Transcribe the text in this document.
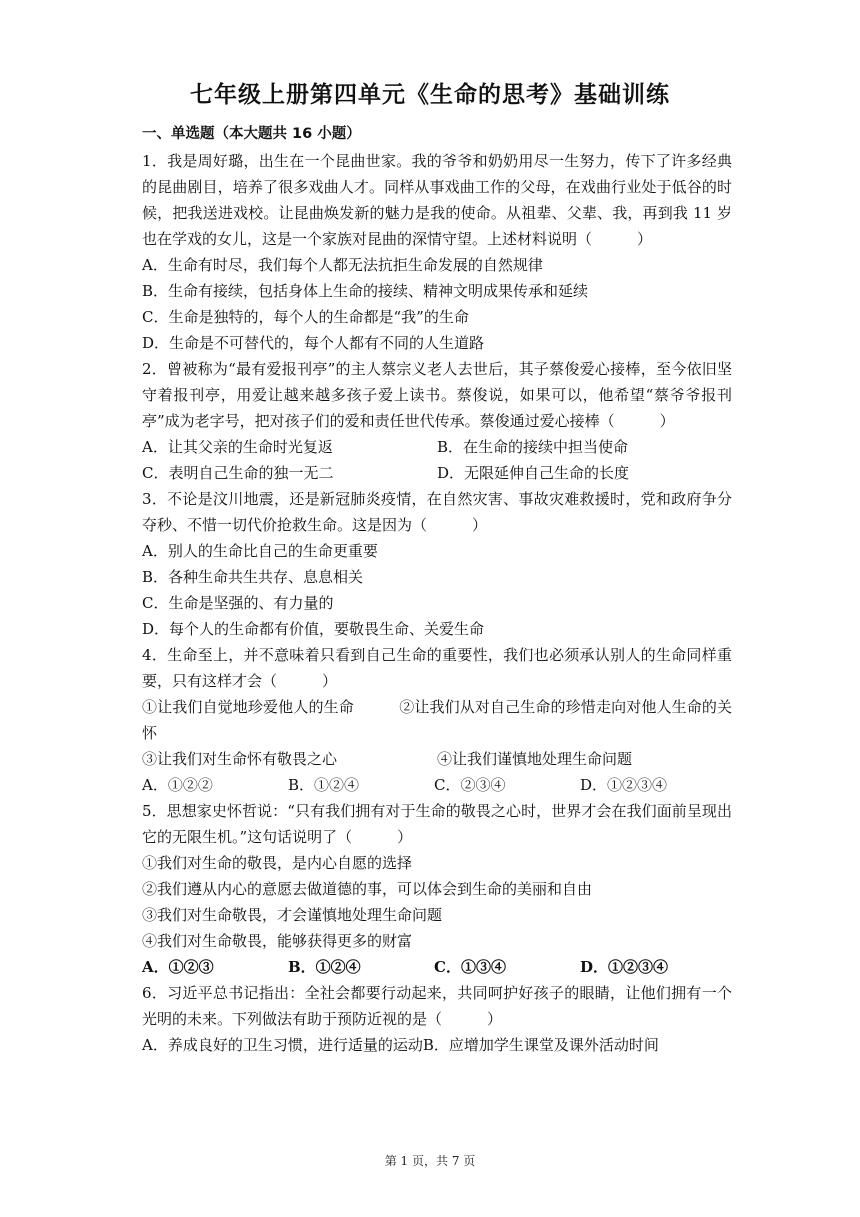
七年级上册第四单元《生命的思考》基础训练
一、单选题（本大题共 16 小题）

1．我是周好璐，出生在一个昆曲世家。我的爷爷和奶奶用尽一生努力，传下了许多经典的昆曲剧目，培养了很多戏曲人才。同样从事戏曲工作的父母，在戏曲行业处于低谷的时候，把我送进戏校。让昆曲焕发新的魅力是我的使命。从祖辈、父辈、我，再到我 11 岁也在学戏的女儿，这是一个家族对昆曲的深情守望。上述材料说明（　　　）

A．生命有时尽，我们每个人都无法抗拒生命发展的自然规律

B．生命有接续，包括身体上生命的接续、精神文明成果传承和延续

C．生命是独特的，每个人的生命都是“我”的生命

D．生命是不可替代的，每个人都有不同的人生道路

2．曾被称为“最有爱报刊亭”的主人蔡宗义老人去世后，其子蔡俊爱心接棒，至今依旧坚守着报刊亭，用爱让越来越多孩子爱上读书。蔡俊说，如果可以，他希望“蔡爷爷报刊亭”成为老字号，把对孩子们的爱和责任世代传承。蔡俊通过爱心接棒（　　　）

A．让其父亲的生命时光复返	B．在生命的接续中担当使命
C．表明自己生命的独一无二	D．无限延伸自己生命的长度

3．不论是汶川地震，还是新冠肺炎疫情，在自然灾害、事故灾难救援时，党和政府争分夺秒、不惜一切代价抢救生命。这是因为（　　　）

A．别人的生命比自己的生命更重要

B．各种生命共生共存、息息相关

C．生命是坚强的、有力量的

D．每个人的生命都有价值，要敬畏生命、关爱生命

4．生命至上，并不意味着只看到自己生命的重要性，我们也必须承认别人的生命同样重要，只有这样才会（　　　）

①让我们自觉地珍爱他人的生命　　　②让我们从对自己生命的珍惜走向对他人生命的关怀

③让我们对生命怀有敬畏之心	④让我们谨慎地处理生命问题
A．①②②	B．①②④	C．②③④	D．①②③④

5．思想家史怀哲说：“只有我们拥有对于生命的敬畏之心时，世界才会在我们面前呈现出它的无限生机。”这句话说明了（　　　）

①我们对生命的敬畏，是内心自愿的选择

②我们遵从内心的意愿去做道德的事，可以体会到生命的美丽和自由

③我们对生命敬畏，才会谨慎地处理生命问题

④我们对生命敬畏，能够获得更多的财富

A．①②③	B．①②④	C．①③④	D．①②③④

6．习近平总书记指出：全社会都要行动起来，共同呵护好孩子的眼睛，让他们拥有一个光明的未来。下列做法有助于预防近视的是（　　　）

A．养成良好的卫生习惯，进行适量的运动B．应增加学生课堂及课外活动时间

第 1 页，共 7 页
